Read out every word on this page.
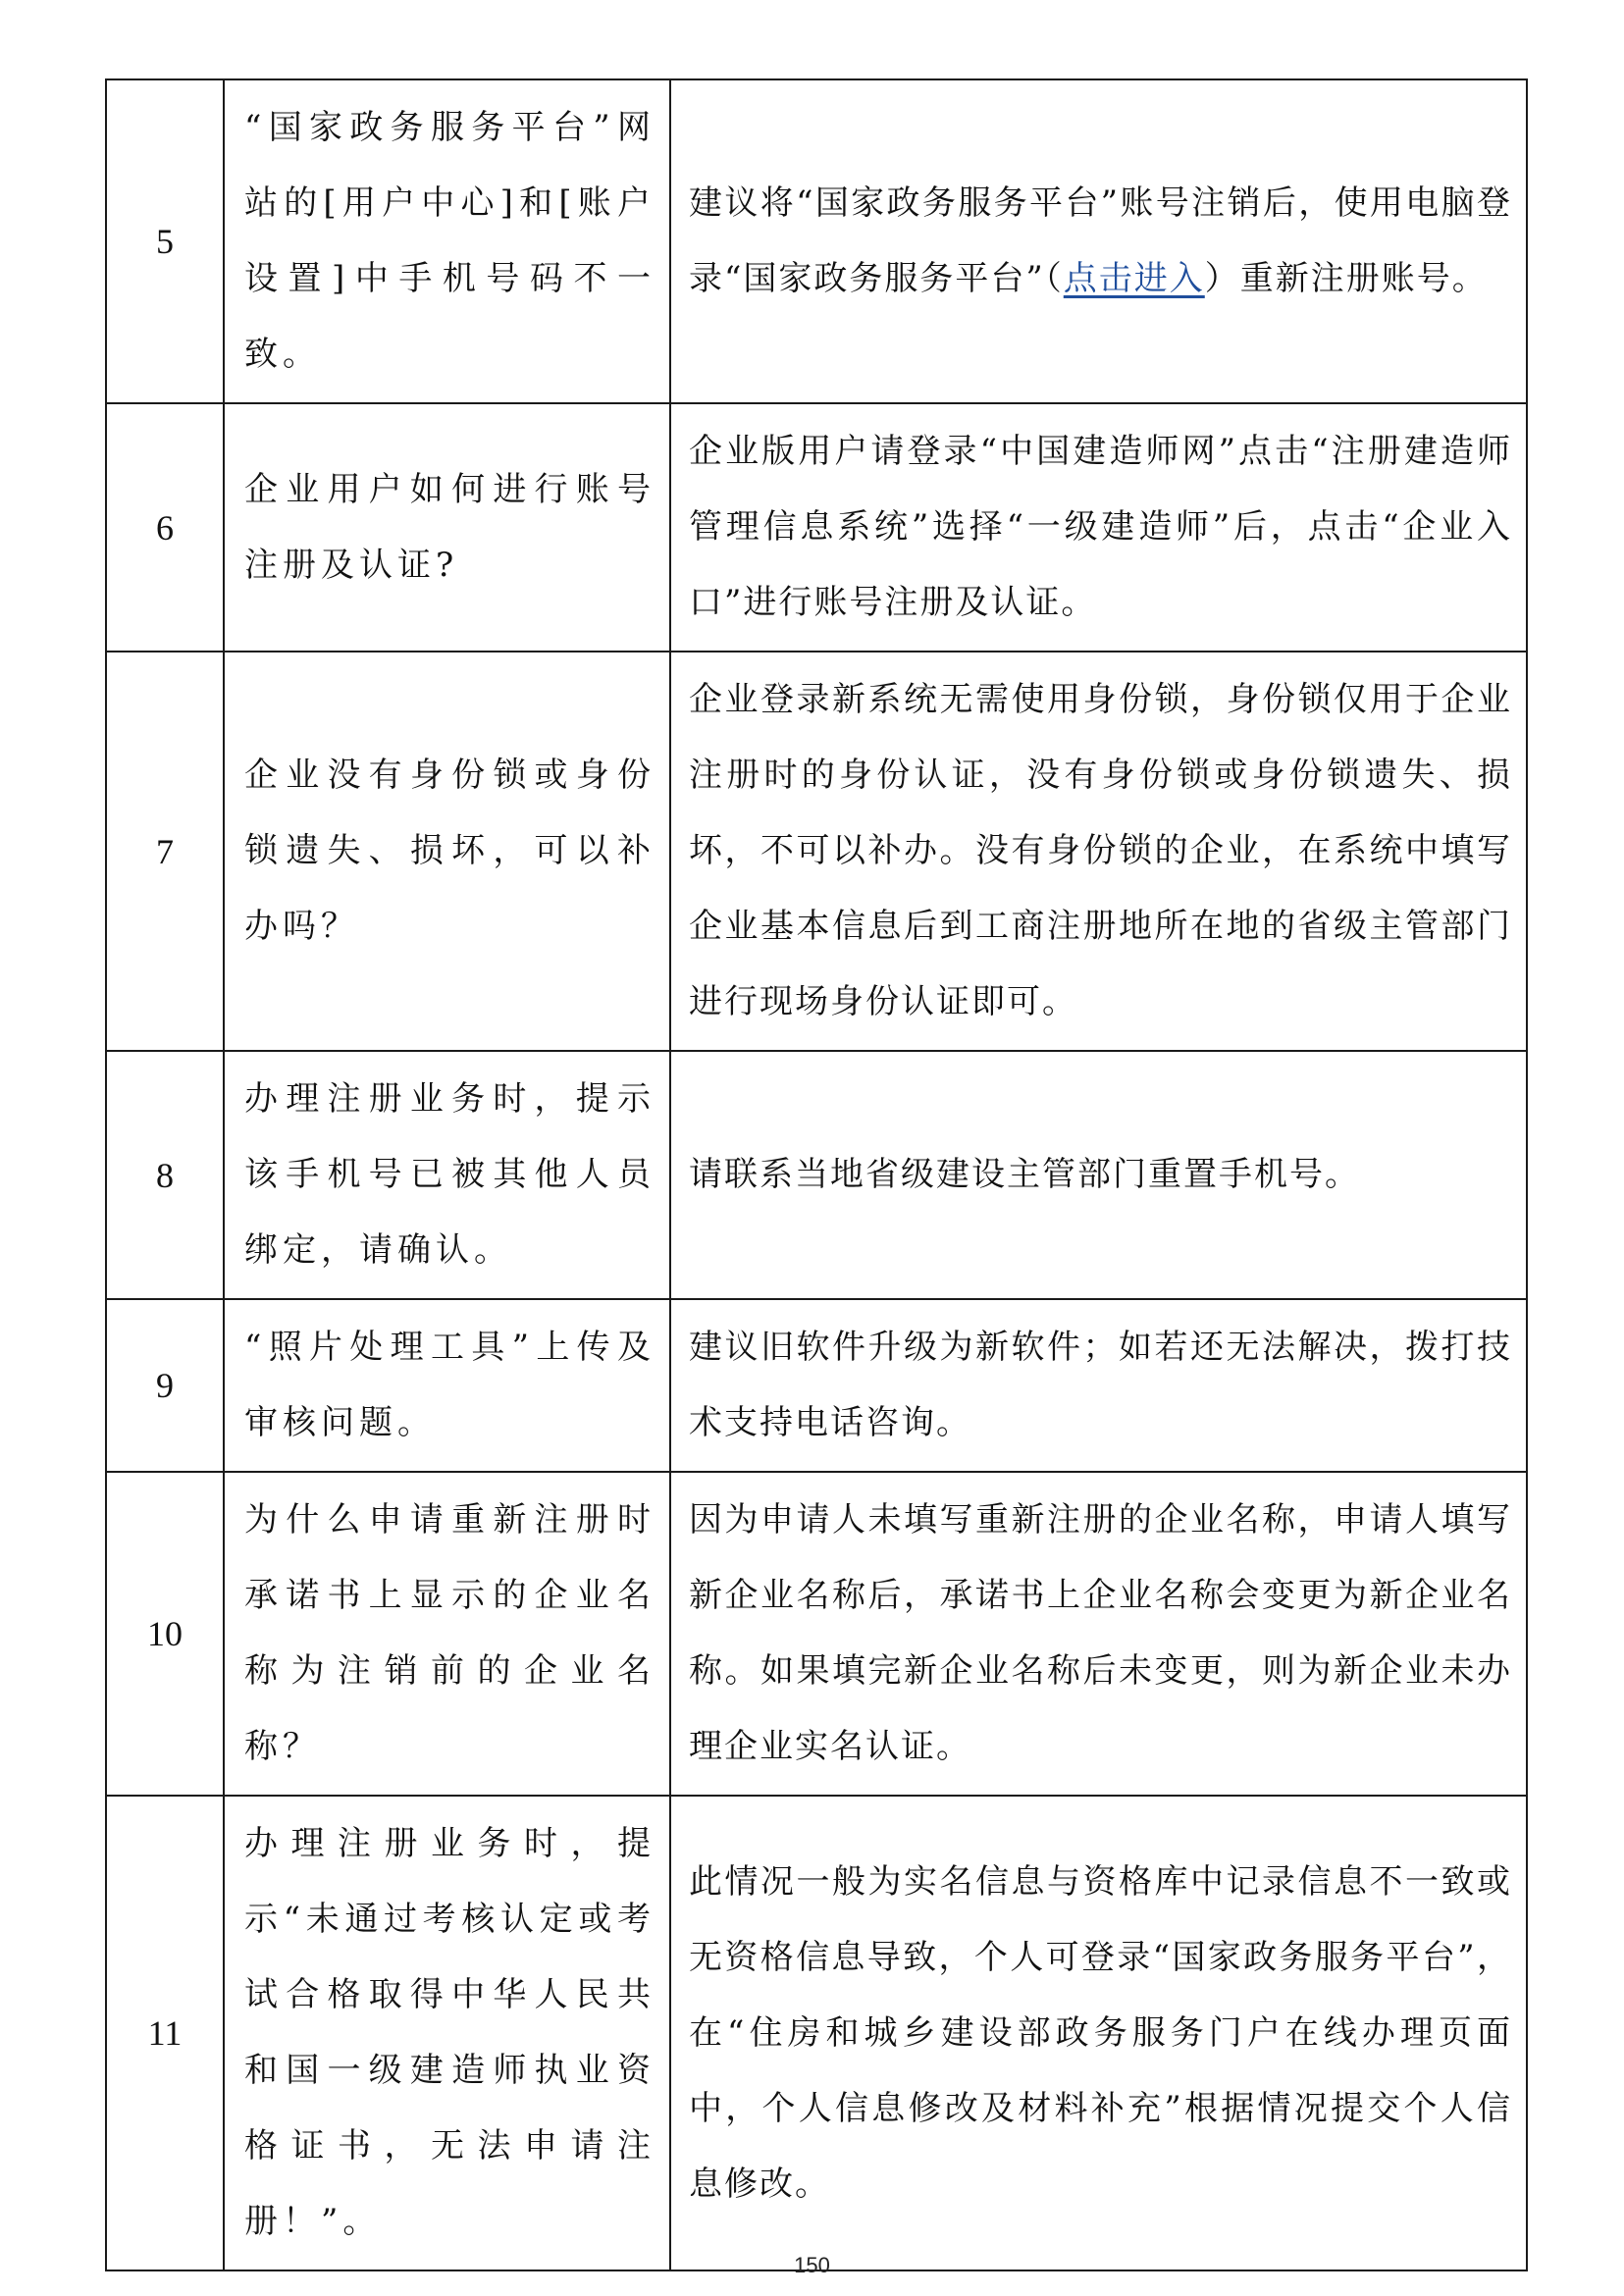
5	“国家政务服务平台”网站的[用户中心]和[账户设置]中手机号码不一致。	建议将“国家政务服务平台”账号注销后，使用电脑登录“国家政务服务平台”（点击进入）重新注册账号。

6	企业用户如何进行账号注册及认证?	企业版用户请登录“中国建造师网”点击“注册建造师管理信息系统”选择“一级建造师”后，点击“企业入口”进行账号注册及认证。

7	企业没有身份锁或身份锁遗失、损坏，可以补办吗？	企业登录新系统无需使用身份锁，身份锁仅用于企业注册时的身份认证，没有身份锁或身份锁遗失、损坏，不可以补办。没有身份锁的企业，在系统中填写企业基本信息后到工商注册地所在地的省级主管部门进行现场身份认证即可。

8	办理注册业务时，提示该手机号已被其他人员绑定，请确认。	请联系当地省级建设主管部门重置手机号。

9	“照片处理工具”上传及审核问题。	建议旧软件升级为新软件；如若还无法解决，拨打技术支持电话咨询。

10	为什么申请重新注册时承诺书上显示的企业名称为注销前的企业名称？	因为申请人未填写重新注册的企业名称，申请人填写新企业名称后，承诺书上企业名称会变更为新企业名称。如果填完新企业名称后未变更，则为新企业未办理企业实名认证。

11	办理注册业务时，提示“未通过考核认定或考试合格取得中华人民共和国一级建造师执业资格证书，无法申请注册！”。	此情况一般为实名信息与资格库中记录信息不一致或无资格信息导致，个人可登录“国家政务服务平台”，在“住房和城乡建设部政务服务门户在线办理页面中，个人信息修改及材料补充”根据情况提交个人信息修改。
150
